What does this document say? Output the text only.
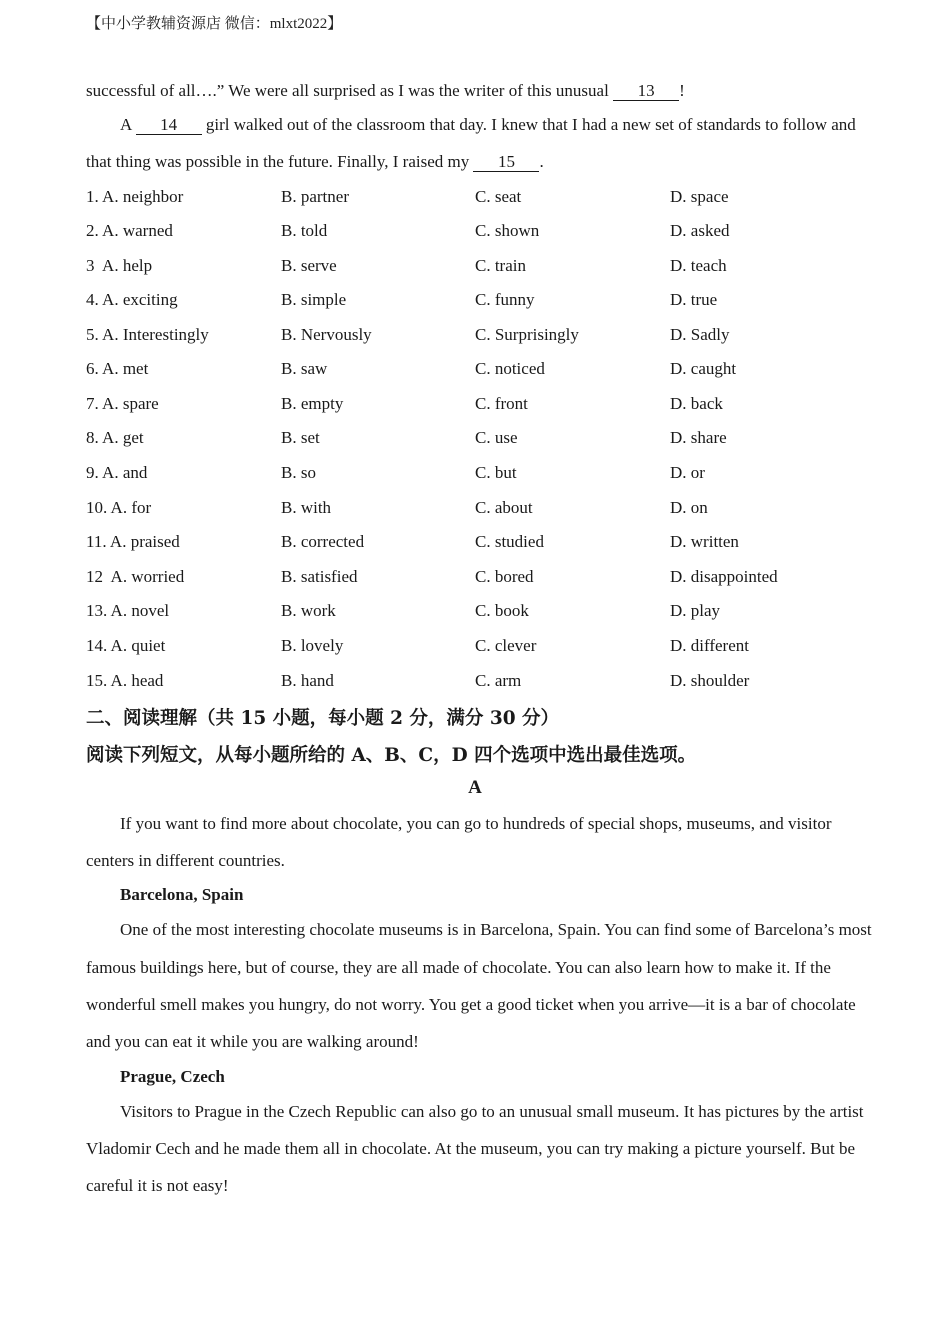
【中小学教辅资源店 微信：mlxt2022】
successful of all….” We were all surprised as I was the writer of this unusual 13 !
A 14 girl walked out of the classroom that day. I knew that I had a new set of standards to follow and
that thing was possible in the future. Finally, I raised my 15 .
1. A. neighbor	B. partner	C. seat	D. space
2. A. warned	B. told	C. shown	D. asked
3  A. help	B. serve	C. train	D. teach
4. A. exciting	B. simple	C. funny	D. true
5. A. Interestingly	B. Nervously	C. Surprisingly	D. Sadly
6. A. met	B. saw	C. noticed	D. caught
7. A. spare	B. empty	C. front	D. back
8. A. get	B. set	C. use	D. share
9. A. and	B. so	C. but	D. or
10. A. for	B. with	C. about	D. on
11. A. praised	B. corrected	C. studied	D. written
12  A. worried	B. satisfied	C. bored	D. disappointed
13. A. novel	B. work	C. book	D. play
14. A. quiet	B. lovely	C. clever	D. different
15. A. head	B. hand	C. arm	D. shoulder
二、阅读理解（共 15 小题，每小题 2 分，满分 30 分）
阅读下列短文，从每小题所给的 A、B、C，D 四个选项中选出最佳选项。
A
If you want to find more about chocolate, you can go to hundreds of special shops, museums, and visitor
centers in different countries.
Barcelona, Spain
One of the most interesting chocolate museums is in Barcelona, Spain. You can find some of Barcelona’s most
famous buildings here, but of course, they are all made of chocolate. You can also learn how to make it. If the
wonderful smell makes you hungry, do not worry. You get a good ticket when you arrive—it is a bar of chocolate
and you can eat it while you are walking around!
Prague, Czech
Visitors to Prague in the Czech Republic can also go to an unusual small museum. It has pictures by the artist
Vladomir Cech and he made them all in chocolate. At the museum, you can try making a picture yourself. But be
careful it is not easy!
